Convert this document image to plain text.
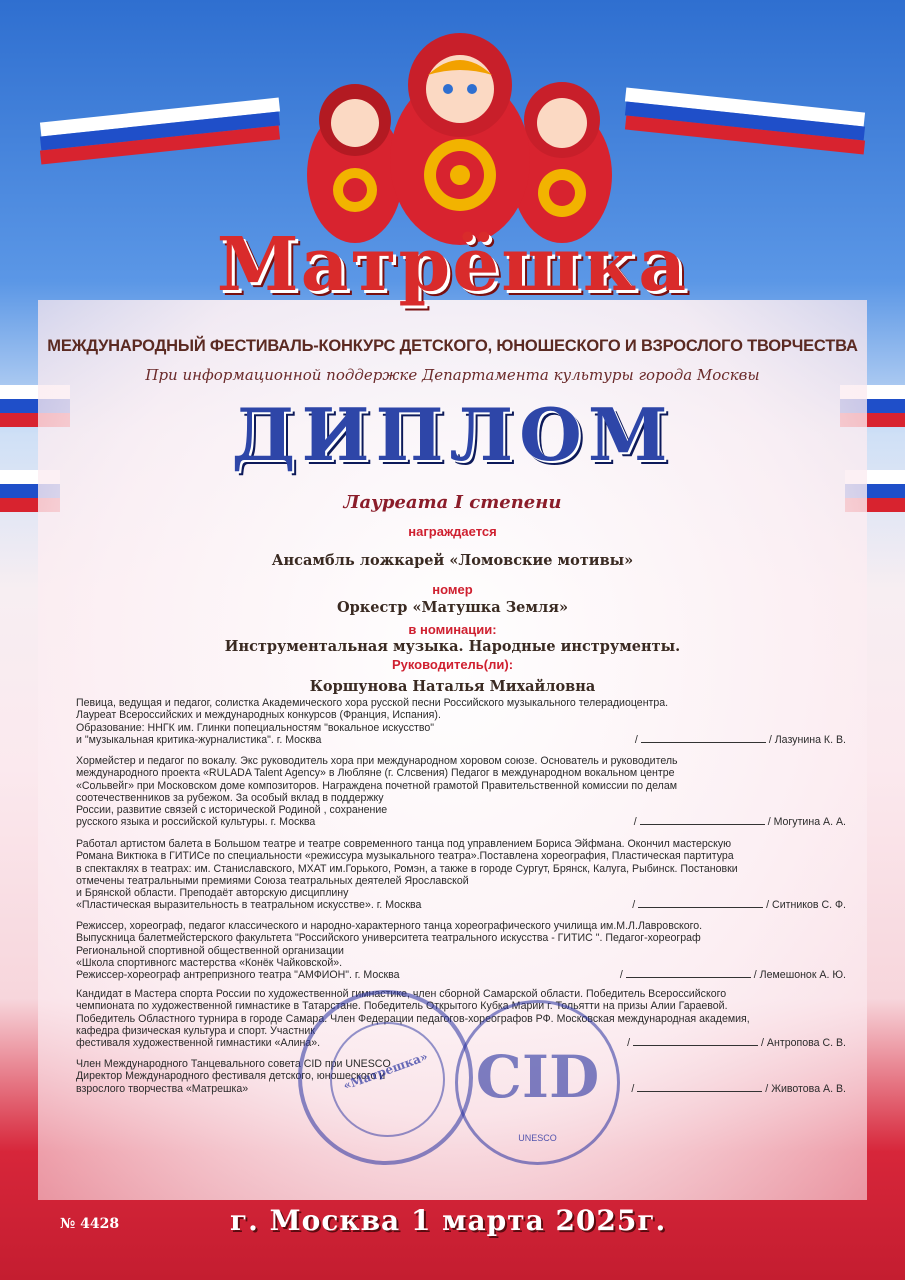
Матрёшка
МЕЖДУНАРОДНЫЙ ФЕСТИВАЛЬ-КОНКУРС ДЕТСКОГО, ЮНОШЕСКОГО И ВЗРОСЛОГО ТВОРЧЕСТВА
При информационной поддержке Департамента культуры города Москвы
ДИПЛОМ
Лауреата I степени
награждается
Ансамбль ложкарей «Ломовские мотивы»
номер
Оркестр «Матушка Земля»
в номинации:
Инструментальная музыка. Народные инструменты.
Руководитель(ли):
Коршунова Наталья Михайловна
Певица, ведущая и педагог, солистка Академического хора русской песни Российского музыкального телерадиоцентра.
Лауреат Всероссийских и международных конкурсов (Франция, Испания).
Образование: ННГК им. Глинки попециальностям "вокальное искусство"
и "музыкальная критика-журналистика". г. Москва	/	/ Лазунина К. В.
Хормейстер и педагог по вокалу. Экс руководитель хора при международном хоровом союзе. Основатель и руководитель
международного проекта «RULADA Talent Agency» в Любляне (г. Слсвения) Педагог в международном вокальном центре
«Сольвейг» при Московском доме композиторов. Награждена почетной грамотой Правительственной комиссии по делам
соотечественников за рубежом. За особый вклад в поддержку
России, развитие связей с исторической Родиной , сохранение
русского языка и российской культуры. г. Москва	/	/ Могутина А. А.
Работал артистом балета в Большом театре и театре современного танца под управлением Бориса Эйфмана. Окончил мастерскую
Романа Виктюка в ГИТИСе по специальности «режиссура музыкального театра».Поставлена хореография, Пластическая партитура
в спектаклях в театрах: им. Станиславского, МХАТ им.Горького, Ромэн, а также в городе Сургут, Брянск, Калуга, Рыбинск. Постановки
отмечены театральными премиями Союза театральных деятелей Ярославской
и Брянской области. Преподаёт авторскую дисциплину
«Пластическая выразительность в театральном искусстве». г. Москва	/	/ Ситников С. Ф.
Режиссер, хореограф, педагог классического и народно-характерного танца хореографического училища им.М.Л.Лавровского.
Выпускница балетмейстерского факультета "Российского университета театрального искусства - ГИТИС ". Педагог-хореограф
Региональной спортивной общественной организации
«Школа спортивногс мастерства «Конёк Чайковской».
Режиссер-хореограф антрепризного театра "АМФИОН". г. Москва	/	/ Лемешонок А. Ю.
Кандидат в Мастера спорта России по художественной гимнастике, член сборной Самарской области. Победитель Всероссийского
чемпионата по художественной гимнастике в Татарстане. Победитель Открытого Кубка Марии г. Тольятти на призы Алии Гараевой.
Победитель Областного турнира в городе Самара. Член Федерации педагогов-хореографов РФ. Московская международная академия,
кафедра физическая культура и спорт. Участник
фестиваля художественной гимнастики «Алина».	/	/ Антропова С. В.
Член Международного Танцевального совета CID при UNESCO
Директор Международного фестиваля детского, юношеского и
взрослого творчества «Матрешка»	/	/ Животова А. В.
«Матрешка» CID
UNESCO
№ 4428	г. Москва 1 марта 2025г.
